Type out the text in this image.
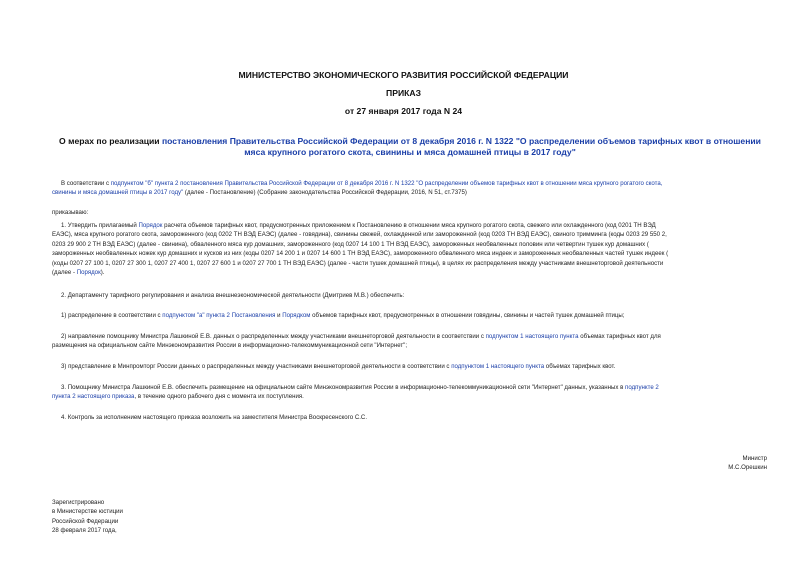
МИНИСТЕРСТВО ЭКОНОМИЧЕСКОГО РАЗВИТИЯ РОССИЙСКОЙ ФЕДЕРАЦИИ
ПРИКАЗ
от 27 января 2017 года N 24
О мерах по реализации постановления Правительства Российской Федерации от 8 декабря 2016 г. N 1322 "О распределении объемов тарифных квот в отношении
мяса крупного рогатого скота, свинины и мяса домашней птицы в 2017 году"
В соответствии с подпунктом "б" пункта 2 постановления Правительства Российской Федерации от 8 декабря 2016 г. N 1322 "О распределении объемов тарифных квот в отношении мяса крупного рогатого скота,
свинины и мяса домашней птицы в 2017 году" (далее - Постановление) (Собрание законодательства Российской Федерации, 2016, N 51, ст.7375)
приказываю:
1. Утвердить прилагаемый Порядок расчета объемов тарифных квот, предусмотренных приложением к Постановлению в отношении мяса крупного рогатого скота, свежего или охлажденного (код 0201 ТН ВЭД
ЕАЭС), мяса крупного рогатого скота, замороженного (код 0202 ТН ВЭД ЕАЭС) (далее - говядина), свинины свежей, охлажденной или замороженной (код 0203 ТН ВЭД ЕАЭС), свиного тримминга (коды 0203 29 550 2,
0203 29 900 2 ТН ВЭД ЕАЭС) (далее - свинина), обваленного мяса кур домашних, замороженного (код 0207 14 100 1 ТН ВЭД ЕАЭС), замороженных необваленных половин или четвертин тушек кур домашних (
замороженных необваленных ножек кур домашних и кусков из них (коды 0207 14 200 1 и 0207 14 600 1 ТН ВЭД ЕАЭС), замороженного обваленного мяса индеек и замороженных необваленных частей тушек индеек (
(коды 0207 27 100 1, 0207 27 300 1, 0207 27 400 1, 0207 27 600 1 и 0207 27 700 1 ТН ВЭД ЕАЭС) (далее - части тушек домашней птицы), в целях их распределения между участниками внешнеторговой деятельности
(далее - Порядок).
2. Департаменту тарифного регулирования и анализа внешнеэкономической деятельности (Дмитриев М.В.) обеспечить:
1) распределение в соответствии с подпунктом "а" пункта 2 Постановления и Порядком объемов тарифных квот, предусмотренных в отношении говядины, свинины и частей тушек домашней птицы;
2) направление помощнику Министра Лашкиной Е.В. данных о распределенных между участниками внешнеторговой деятельности в соответствии с подпунктом 1 настоящего пункта объемах тарифных квот для
размещения на официальном сайте Минэкономразвития России в информационно-телекоммуникационной сети "Интернет";
3) представление в Минпромторг России данных о распределенных между участниками внешнеторговой деятельности в соответствии с подпунктом 1 настоящего пункта объемах тарифных квот.
3. Помощнику Министра Лашкиной Е.В. обеспечить размещение на официальном сайте Минэкономразвития России в информационно-телекоммуникационной сети "Интернет" данных, указанных в подпункте 2
пункта 2 настоящего приказа, в течение одного рабочего дня с момента их поступления.
4. Контроль за исполнением настоящего приказа возложить на заместителя Министра Воскресенского С.С.
Министр
М.С.Орешкин
Зарегистрировано
в Министерстве юстиции
Российской Федерации
28 февраля 2017 года,
